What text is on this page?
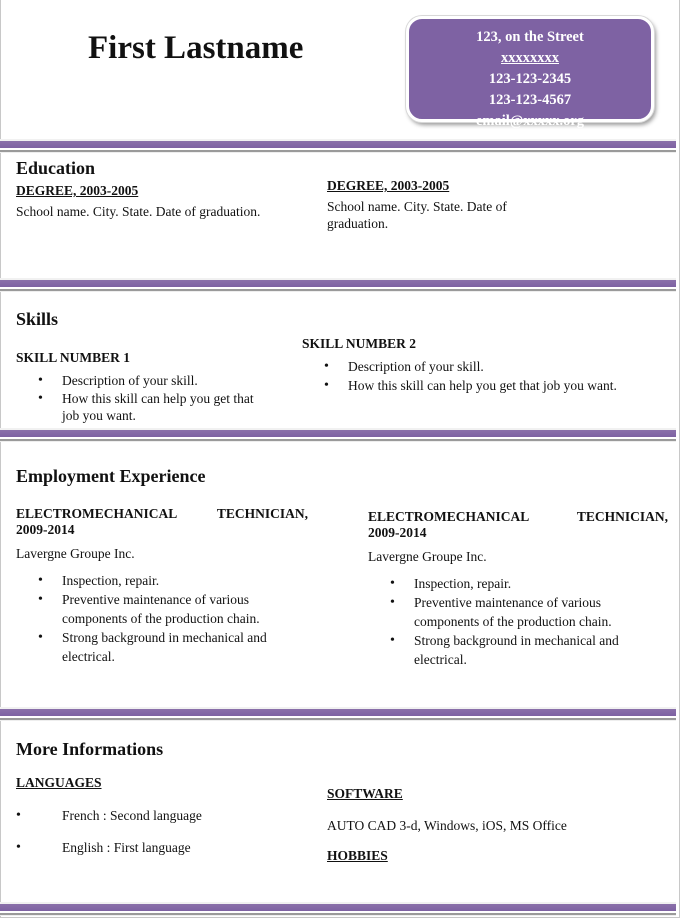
First Lastname	123, on the Street
xxxxxxxx
123-123-2345
123-123-4567
email@xxxxx.org
Education
DEGREE, 2003-2005
School name. City. State. Date of graduation.
DEGREE, 2003-2005
School name. City. State. Date of graduation.
Skills
SKILL NUMBER 1
• Description of your skill.
• How this skill can help you get that job you want.
SKILL NUMBER 2
• Description of your skill.
• How this skill can help you get that job you want.
Employment Experience
ELECTROMECHANICAL	TECHNICIAN,
2009-2014
Lavergne Groupe Inc.
• Inspection, repair.
• Preventive maintenance of various components of the production chain.
• Strong background in mechanical and electrical.
ELECTROMECHANICAL	TECHNICIAN,
2009-2014
Lavergne Groupe Inc.
• Inspection, repair.
• Preventive maintenance of various components of the production chain.
• Strong background in mechanical and electrical.
More Informations
LANGUAGES
• French : Second language
• English : First language
SOFTWARE
AUTO CAD 3-d, Windows, iOS, MS Office
HOBBIES
